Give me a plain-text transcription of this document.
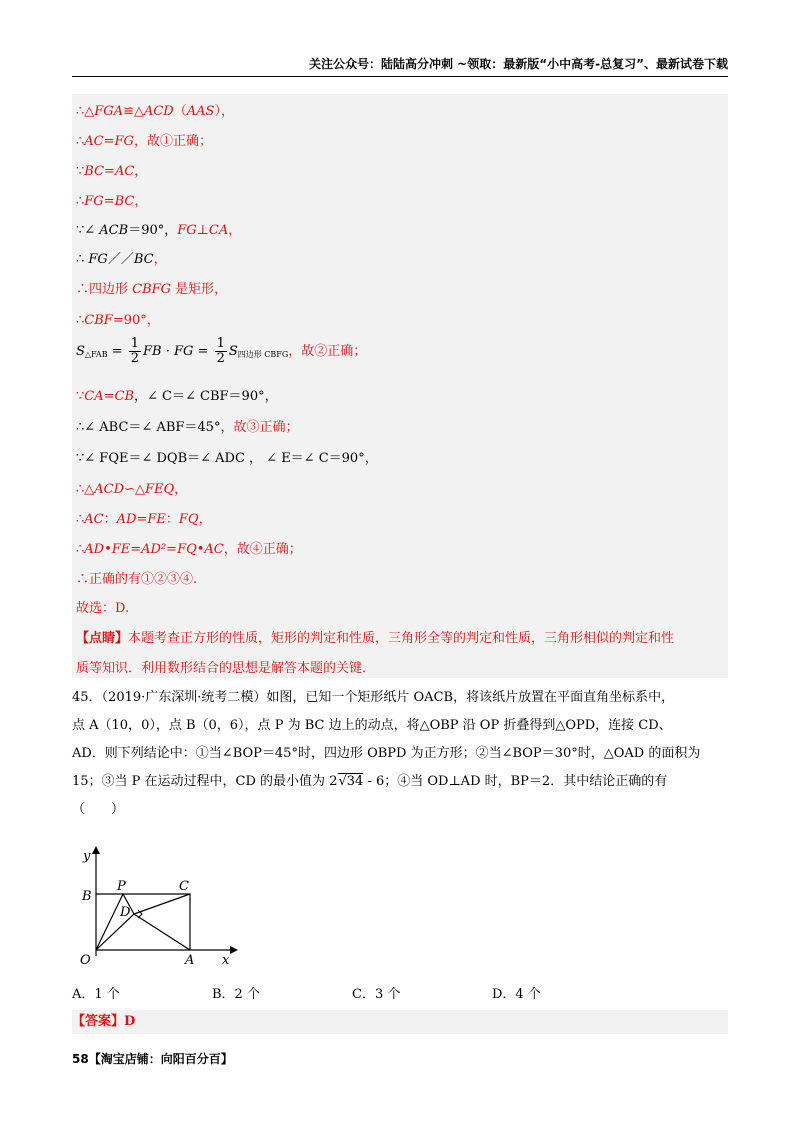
关注公众号：陆陆高分冲刺 ~领取：最新版“小中高考-总复习”、最新试卷下载
∴△FGA≌△ACD（AAS），
∴AC=FG，故①正确；
∵BC=AC，
∴FG=BC，
∵∠ ACB＝90°，FG⊥CA，
∴ FG／／BC，
∴四边形 CBFG 是矩形，
∴CBF=90°，
$S_{\triangle FAB} = \frac{1}{2}$ FB · FG = $\frac{1}{2} S_{四边形 CBFG}$，故②正确；
∵CA=CB，∠ C＝∠ CBF＝90°，
∴∠ ABC＝∠ ABF＝45°，故③正确；
∵∠ FQE＝∠ DQB＝∠ ADC ， ∠ E＝∠ C＝90°，
∴△ACD∽△FEQ，
∴AC：AD=FE：FQ，
∴AD•FE=AD²=FQ•AC，故④正确；
∴正确的有①②③④.
故选：D.
【点睛】本题考查正方形的性质，矩形的判定和性质，三角形全等的判定和性质，三角形相似的判定和性
质等知识．利用数形结合的思想是解答本题的关键．
45．（2019·广东深圳·统考二模）如图，已知一个矩形纸片 OACB，将该纸片放置在平面直角坐标系中，
点 A（10，0），点 B（0，6），点 P 为 BC 边上的动点，将△OBP 沿 OP 折叠得到△OPD，连接 CD、
AD．则下列结论中：①当∠BOP＝45°时，四边形 OBPD 为正方形；②当∠BOP＝30°时，△OAD 的面积为
15；③当 P 在运动过程中，CD 的最小值为 2√34 - 6；④当 OD⊥AD 时，BP＝2．其中结论正确的有
（　　）
y
x
B
P	C
D
O	A
A．1 个	B．2 个	C．3 个	D．4 个
【答案】D
58【淘宝店铺：向阳百分百】
